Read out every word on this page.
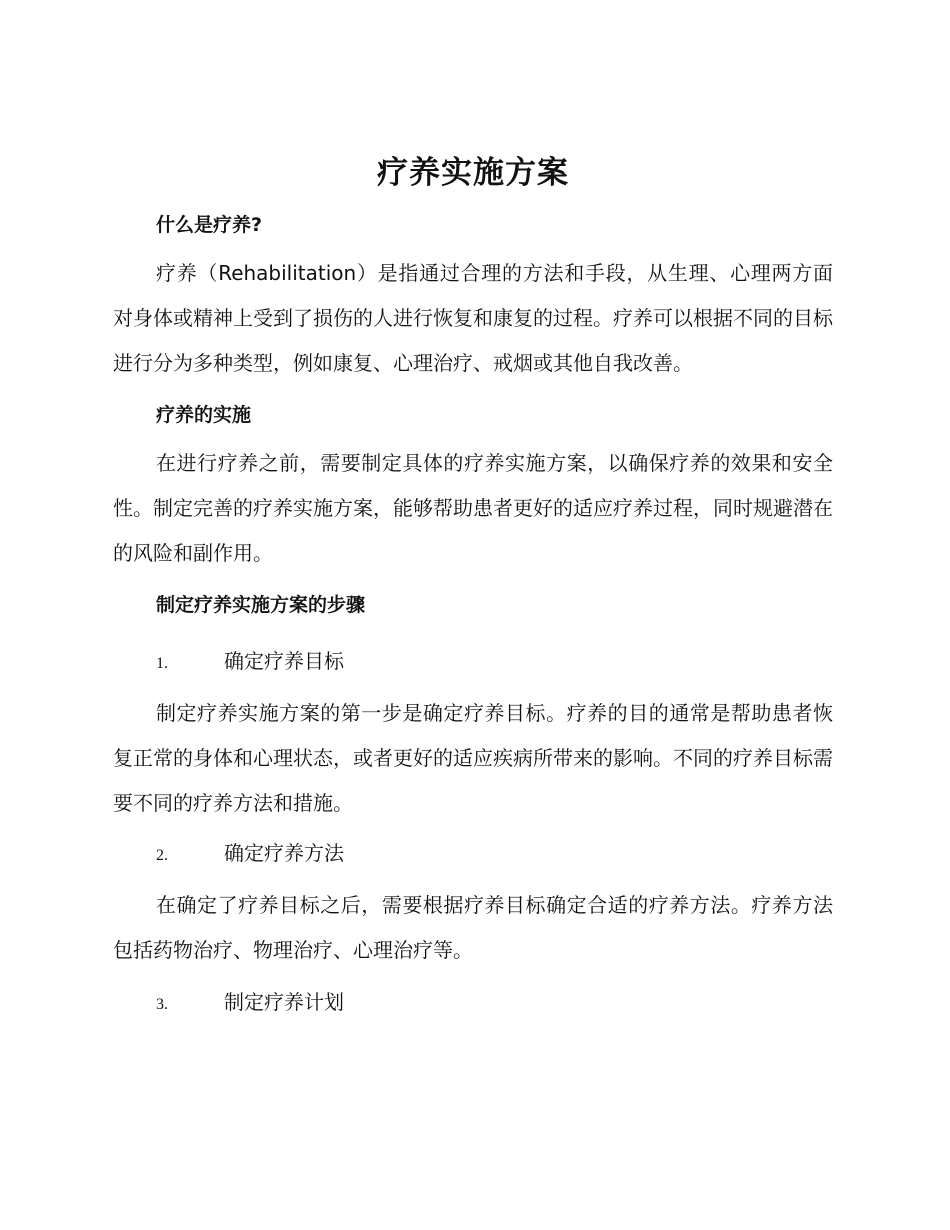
疗养实施方案
什么是疗养?

疗养（Rehabilitation）是指通过合理的方法和手段，从生理、心理两方面对身体或精神上受到了损伤的人进行恢复和康复的过程。疗养可以根据不同的目标进行分为多种类型，例如康复、心理治疗、戒烟或其他自我改善。

疗养的实施

在进行疗养之前，需要制定具体的疗养实施方案，以确保疗养的效果和安全性。制定完善的疗养实施方案，能够帮助患者更好的适应疗养过程，同时规避潜在的风险和副作用。

制定疗养实施方案的步骤
1.	确定疗养目标

制定疗养实施方案的第一步是确定疗养目标。疗养的目的通常是帮助患者恢复正常的身体和心理状态，或者更好的适应疾病所带来的影响。不同的疗养目标需要不同的疗养方法和措施。

2.	确定疗养方法

在确定了疗养目标之后，需要根据疗养目标确定合适的疗养方法。疗养方法包括药物治疗、物理治疗、心理治疗等。

3.	制定疗养计划
